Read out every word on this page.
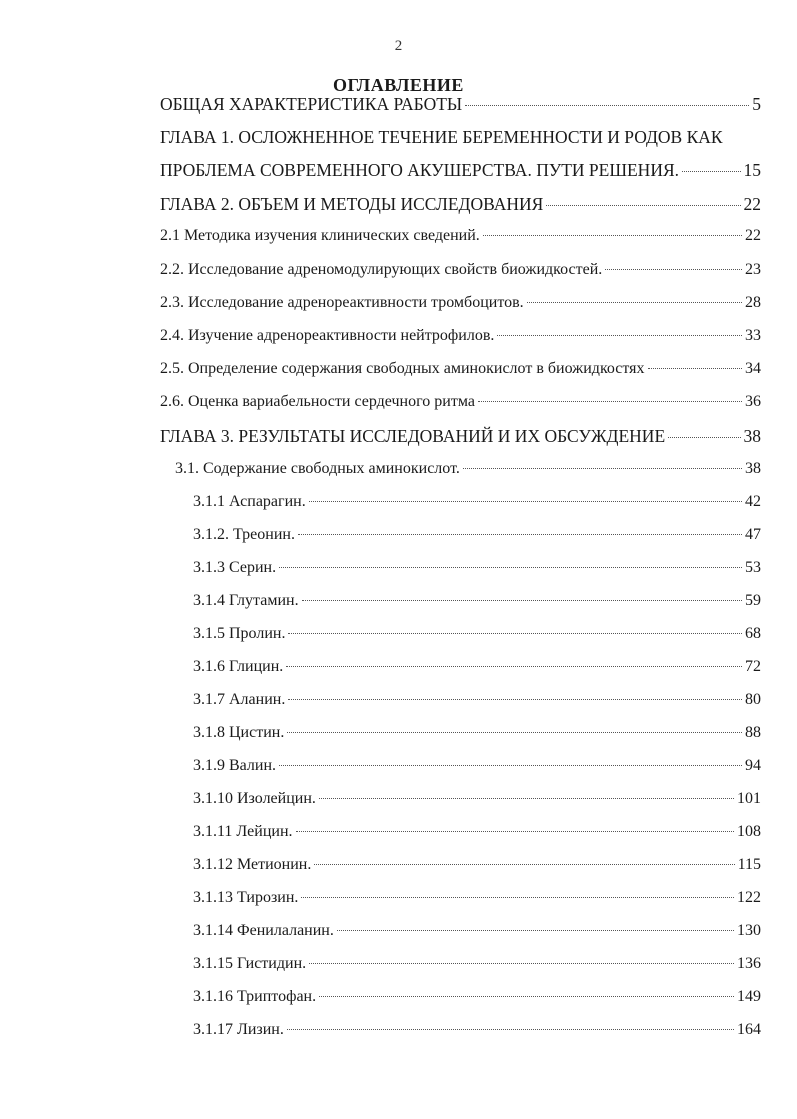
2
ОГЛАВЛЕНИЕ
ОБЩАЯ ХАРАКТЕРИСТИКА РАБОТЫ	5
ГЛАВА 1. ОСЛОЖНЕННОЕ ТЕЧЕНИЕ БЕРЕМЕННОСТИ И РОДОВ КАК
ПРОБЛЕМА СОВРЕМЕННОГО АКУШЕРСТВА. ПУТИ РЕШЕНИЯ.	15
ГЛАВА 2. ОБЪЕМ И МЕТОДЫ ИССЛЕДОВАНИЯ	22
2.1 Методика изучения клинических сведений.	22
2.2. Исследование адреномодулирующих свойств биожидкостей.	23
2.3. Исследование адренореактивности тромбоцитов.	28
2.4. Изучение адренореактивности нейтрофилов.	33
2.5. Определение содержания свободных аминокислот в биожидкостях	34
2.6. Оценка вариабельности сердечного ритма	36
ГЛАВА 3. РЕЗУЛЬТАТЫ ИССЛЕДОВАНИЙ И ИХ ОБСУЖДЕНИЕ	38
3.1. Содержание свободных аминокислот.	38
3.1.1 Аспарагин.	42
3.1.2. Треонин.	47
3.1.3 Серин.	53
3.1.4 Глутамин.	59
3.1.5 Пролин.	68
3.1.6 Глицин.	72
3.1.7 Аланин.	80
3.1.8 Цистин.	88
3.1.9 Валин.	94
3.1.10 Изолейцин.	101
3.1.11 Лейцин.	108
3.1.12 Метионин.	115
3.1.13 Тирозин.	122
3.1.14 Фенилаланин.	130
3.1.15 Гистидин.	136
3.1.16 Триптофан.	149
3.1.17 Лизин.	164
